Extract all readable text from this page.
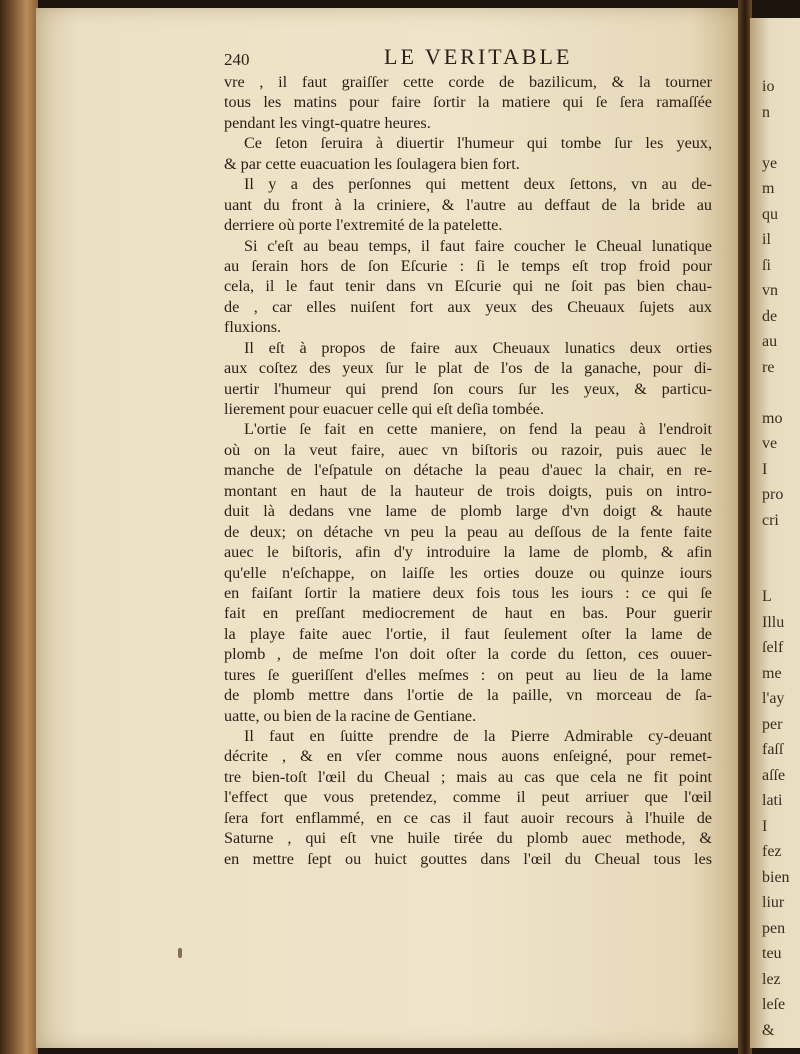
240	LE VERITABLE
vre , il faut graiſſer cette corde de bazilicum, & la tourner
tous les matins pour faire ſortir la matiere qui ſe ſera ramaſſée
pendant les vingt-quatre heures.
Ce ſeton ſeruira à diuertir l'humeur qui tombe ſur les yeux,
& par cette euacuation les ſoulagera bien fort.
Il y a des perſonnes qui mettent deux ſettons, vn au de-
uant du front à la criniere, & l'autre au deffaut de la bride au
derriere où porte l'extremité de la patelette.
Si c'eſt au beau temps, il faut faire coucher le Cheual lunatique
au ſerain hors de ſon Eſcurie : ſi le temps eſt trop froid pour
cela, il le faut tenir dans vn Eſcurie qui ne ſoit pas bien chau-
de , car elles nuiſent fort aux yeux des Cheuaux ſujets aux
fluxions.
Il eſt à propos de faire aux Cheuaux lunatics deux orties
aux coſtez des yeux ſur le plat de l'os de la ganache, pour di-
uertir l'humeur qui prend ſon cours ſur les yeux, & particu-
lierement pour euacuer celle qui eſt deſia tombée.
L'ortie ſe fait en cette maniere, on fend la peau à l'endroit
où on la veut faire, auec vn biſtoris ou razoir, puis auec le
manche de l'eſpatule on détache la peau d'auec la chair, en re-
montant en haut de la hauteur de trois doigts, puis on intro-
duit là dedans vne lame de plomb large d'vn doigt & haute
de deux; on détache vn peu la peau au deſſous de la fente faite
auec le biſtoris, afin d'y introduire la lame de plomb, & afin
qu'elle n'eſchappe, on laiſſe les orties douze ou quinze iours
en faiſant ſortir la matiere deux fois tous les iours : ce qui ſe
fait en preſſant mediocrement de haut en bas. Pour guerir
la playe faite auec l'ortie, il faut ſeulement oſter la lame de
plomb , de meſme l'on doit oſter la corde du ſetton, ces ouuer-
tures ſe gueriſſent d'elles meſmes : on peut au lieu de la lame
de plomb mettre dans l'ortie de la paille, vn morceau de ſa-
uatte, ou bien de la racine de Gentiane.
Il faut en ſuitte prendre de la Pierre Admirable cy-deuant
décrite , & en vſer comme nous auons enſeigné, pour remet-
tre bien-toſt l'œil du Cheual ; mais au cas que cela ne fit point
l'effect que vous pretendez, comme il peut arriuer que l'œil
ſera fort enflammé, en ce cas il faut auoir recours à l'huile de
Saturne , qui eſt vne huile tirée du plomb auec methode, &
en mettre ſept ou huict gouttes dans l'œil du Cheual tous les
io
n
ye
m
qu
il
ſi
vn
de
au
re
mo
ve
I
pro
cri
L
Illu
ſelf
me
l'ay
per
faſſ
aſſe
lati
I
fez
bien
liur
pen
teu
lez
leſe
&
